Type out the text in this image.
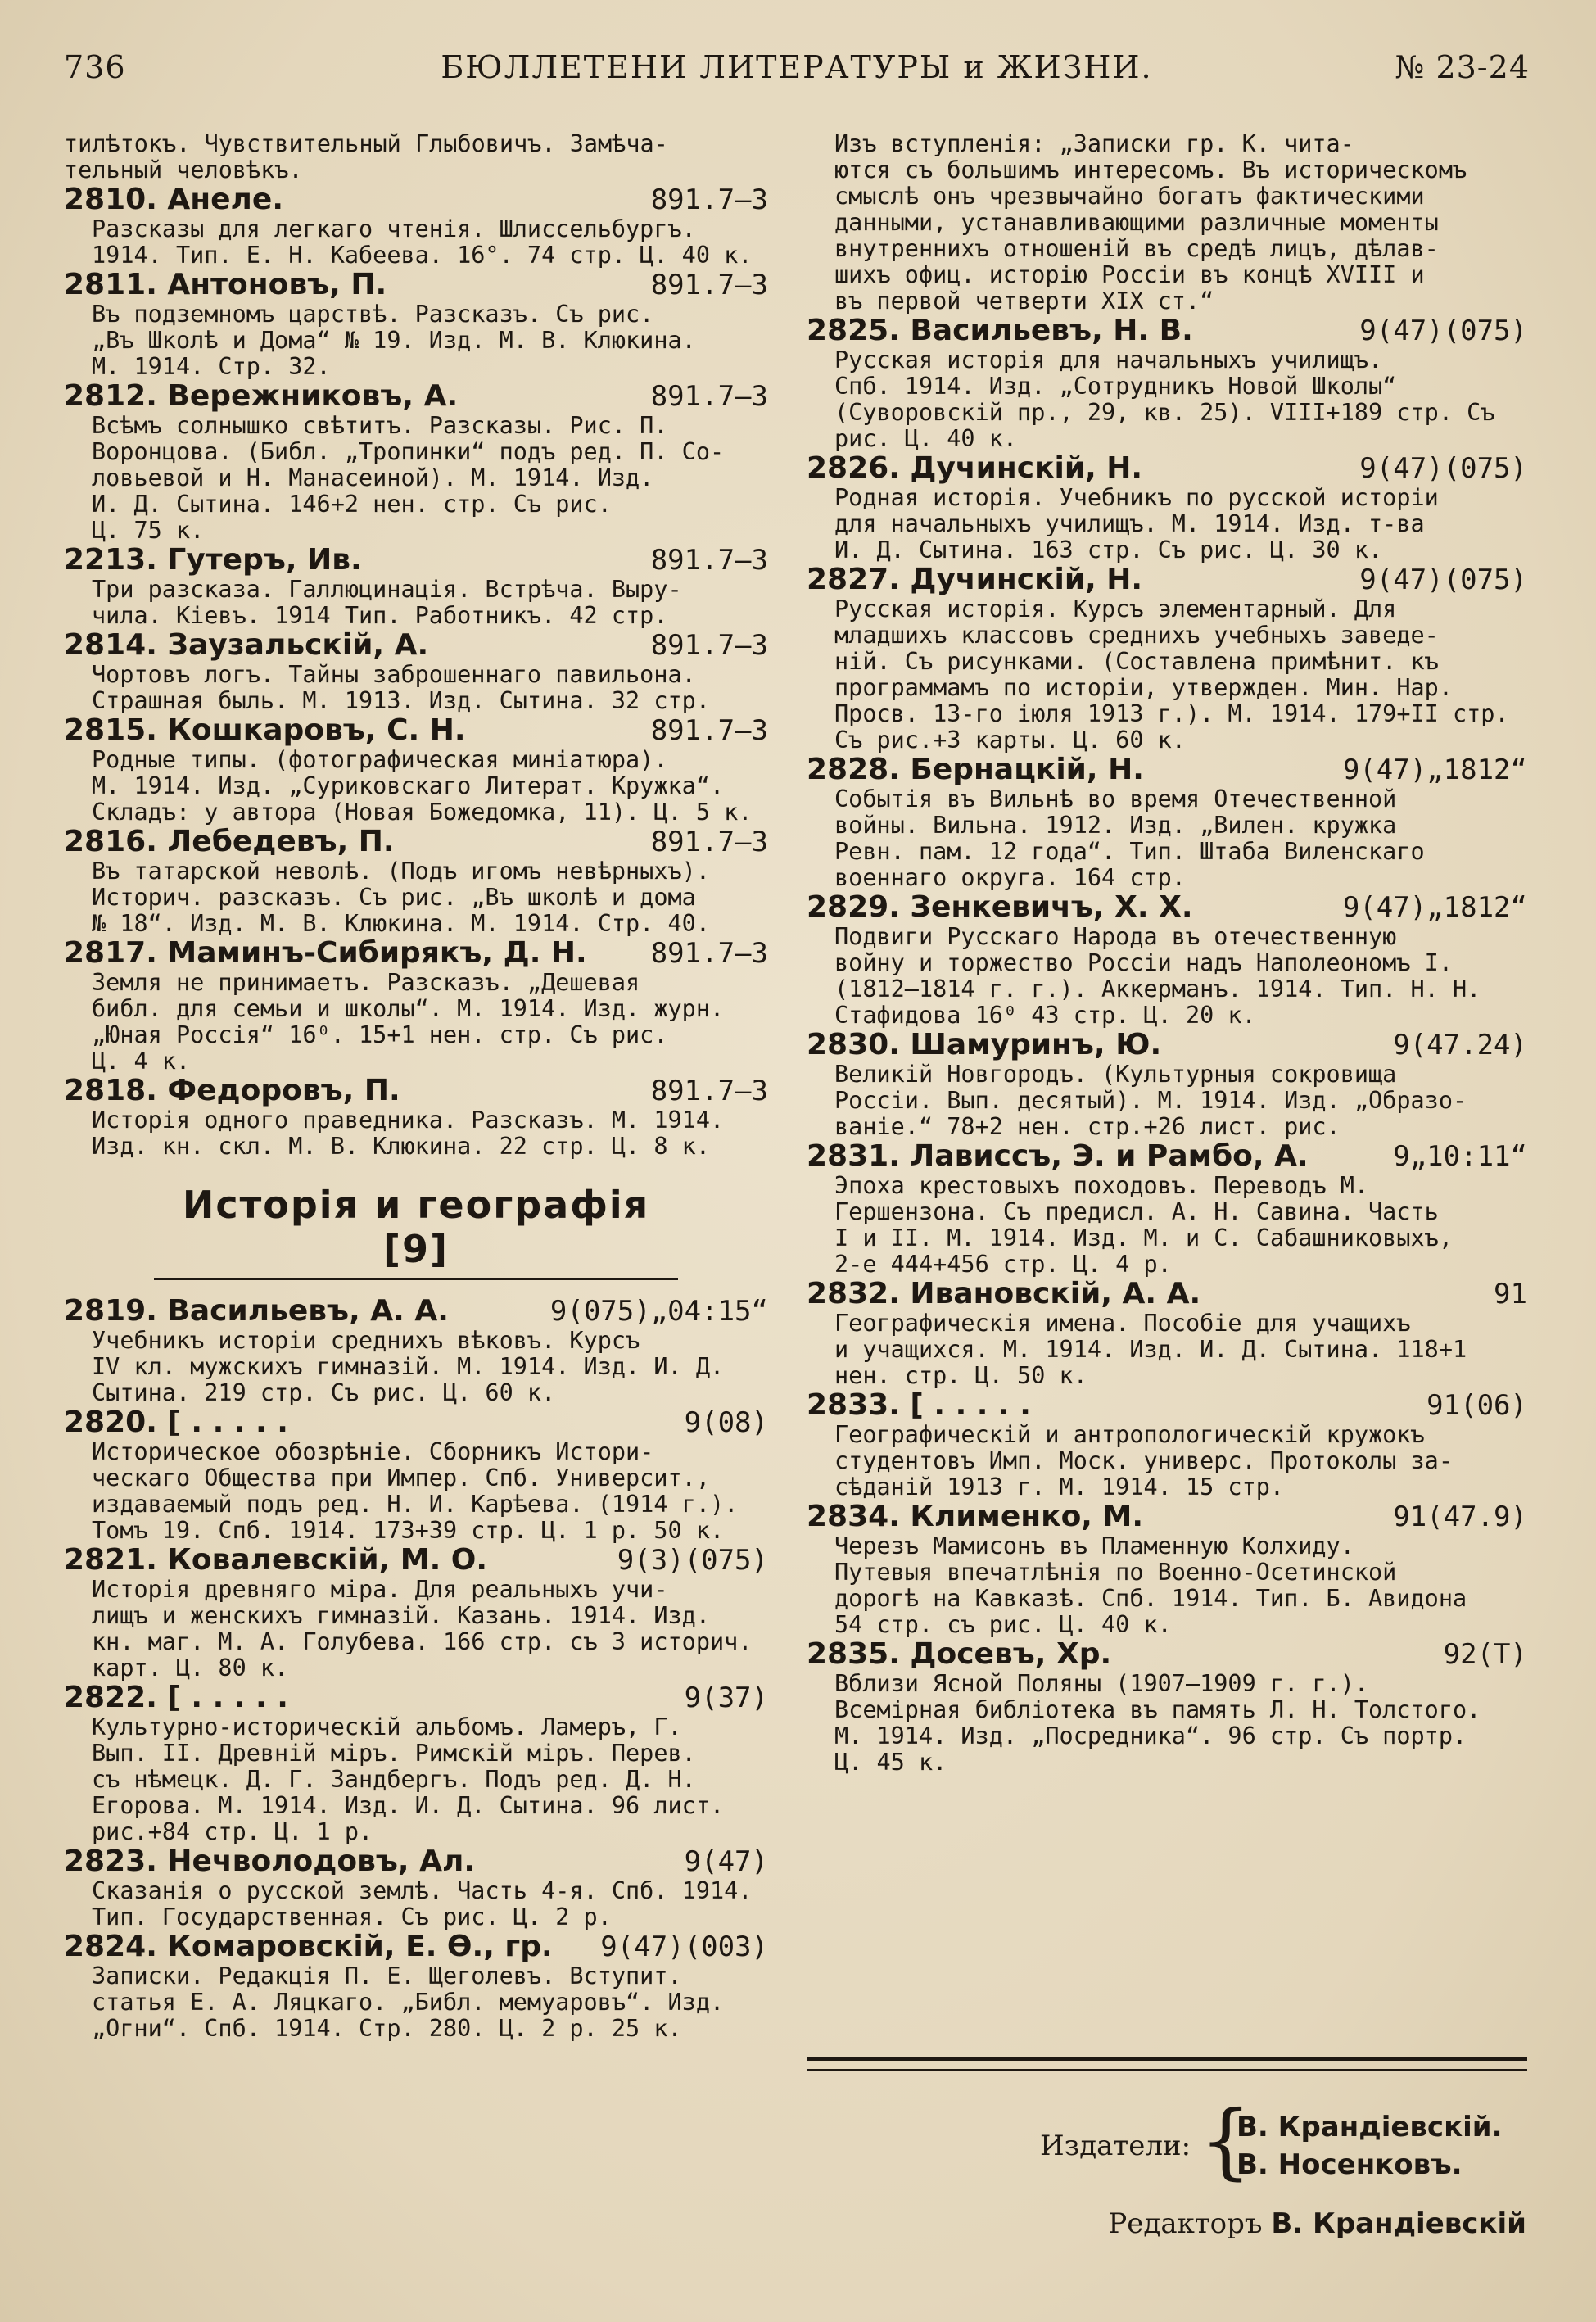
736	БЮЛЛЕТЕНИ ЛИТЕРАТУРЫ и ЖИЗНИ.	№ 23-24
тилѣтокъ. Чувствительный Глыбовичъ. Замѣча-
тельный человѣкъ.
2810. Анеле.	891.7—3
Разсказы для легкаго чтенія. Шлиссельбургъ.
1914. Тип. Е. Н. Кабеева. 16°. 74 стр. Ц. 40 к.
2811. Антоновъ, П.	891.7—3
Въ подземномъ царствѣ. Разсказъ. Съ рис.
„Въ Школѣ и Дома“ № 19. Изд. М. В. Клюкина.
М. 1914. Стр. 32.
2812. Вережниковъ, А.	891.7—3
Всѣмъ солнышко свѣтитъ. Разсказы. Рис. П.
Воронцова. (Библ. „Тропинки“ подъ ред. П. Со-
ловьевой и Н. Манасеиной). М. 1914. Изд.
И. Д. Сытина. 146+2 нен. стр. Съ рис.
Ц. 75 к.
2213. Гутеръ, Ив.	891.7—3
Три разсказа. Галлюцинація. Встрѣча. Выру-
чила. Кіевъ. 1914 Тип. Работникъ. 42 стр.
2814. Заузальскій, А.	891.7—3
Чортовъ логъ. Тайны заброшеннаго павильона.
Страшная быль. М. 1913. Изд. Сытина. 32 стр.
2815. Кошкаровъ, С. Н.	891.7—3
Родные типы. (фотографическая миніатюра).
М. 1914. Изд. „Суриковскаго Литерат. Кружка“.
Складъ: у автора (Новая Божедомка, 11). Ц. 5 к.
2816. Лебедевъ, П.	891.7—3
Въ татарской неволѣ. (Подъ игомъ невѣрныхъ).
Историч. разсказъ. Съ рис. „Въ школѣ и дома
№ 18“. Изд. М. В. Клюкина. М. 1914. Стр. 40.
2817. Маминъ-Сибирякъ, Д. Н. 891.7—3
Земля не принимаетъ. Разсказъ. „Дешевая
библ. для семьи и школы“. М. 1914. Изд. журн.
„Юная Россія“ 16⁰. 15+1 нен. стр. Съ рис.
Ц. 4 к.
2818. Федоровъ, П.	891.7—3
Исторія одного праведника. Разсказъ. М. 1914.
Изд. кн. скл. М. В. Клюкина. 22 стр. Ц. 8 к.
Исторія и географія [9]
2819. Васильевъ, А. А.	9(075)„04:15“
Учебникъ исторіи среднихъ вѣковъ. Курсъ
IV кл. мужскихъ гимназій. М. 1914. Изд. И. Д.
Сытина. 219 стр. Съ рис. Ц. 60 к.
2820. [ . . . . .	9(08)
Историческое обозрѣніе. Сборникъ Истори-
ческаго Общества при Импер. Спб. Университ.,
издаваемый подъ ред. Н. И. Карѣева. (1914 г.).
Томъ 19. Спб. 1914. 173+39 стр. Ц. 1 р. 50 к.
2821. Ковалевскій, М. О.	9(3)(075)
Исторія древняго міра. Для реальныхъ учи-
лищъ и женскихъ гимназій. Казань. 1914. Изд.
кн. маг. М. А. Голубева. 166 стр. съ 3 историч.
карт. Ц. 80 к.
2822. [ . . . . .	9(37)
Культурно-историческій альбомъ. Ламеръ, Г.
Вып. II. Древній міръ. Римскій міръ. Перев.
съ нѣмецк. Д. Г. Зандбергъ. Подъ ред. Д. Н.
Егорова. М. 1914. Изд. И. Д. Сытина. 96 лист.
рис.+84 стр. Ц. 1 р.
2823. Нечволодовъ, Ал.	9(47)
Сказанія о русской землѣ. Часть 4-я. Спб. 1914.
Тип. Государственная. Съ рис. Ц. 2 р.
2824. Комаровскій, Е. Ѳ., гр. 9(47)(003)
Записки. Редакція П. Е. Щеголевъ. Вступит.
статья Е. А. Ляцкаго. „Библ. мемуаровъ“. Изд.
„Огни“. Спб. 1914. Стр. 280. Ц. 2 р. 25 к.
Изъ вступленія: „Записки гр. К. чита-
ются съ большимъ интересомъ. Въ историческомъ
смыслѣ онъ чрезвычайно богатъ фактическими
данными, устанавливающими различные моменты
внутреннихъ отношеній въ средѣ лицъ, дѣлав-
шихъ офиц. исторію Россіи въ концѣ XVIII и
въ первой четверти XIX ст.“
2825. Васильевъ, Н. В.	9(47)(075)
Русская исторія для начальныхъ училищъ.
Спб. 1914. Изд. „Сотрудникъ Новой Школы“
(Суворовскій пр., 29, кв. 25). VIII+189 стр. Съ
рис. Ц. 40 к.
2826. Дучинскій, Н.	9(47)(075)
Родная исторія. Учебникъ по русской исторіи
для начальныхъ училищъ. М. 1914. Изд. т-ва
И. Д. Сытина. 163 стр. Съ рис. Ц. 30 к.
2827. Дучинскій, Н.	9(47)(075)
Русская исторія. Курсъ элементарный. Для
младшихъ классовъ среднихъ учебныхъ заведе-
ній. Съ рисунками. (Составлена примѣнит. къ
программамъ по исторіи, утвержден. Мин. Нар.
Просв. 13-го іюля 1913 г.). М. 1914. 179+II стр.
Съ рис.+3 карты. Ц. 60 к.
2828. Бернацкій, Н.	9(47)„1812“
Событія въ Вильнѣ во время Отечественной
войны. Вильна. 1912. Изд. „Вилен. кружка
Ревн. пам. 12 года“. Тип. Штаба Виленскаго
военнаго округа. 164 стр.
2829. Зенкевичъ, Х. Х.	9(47)„1812“
Подвиги Русскаго Народа въ отечественную
войну и торжество Россіи надъ Наполеономъ I.
(1812—1814 г. г.). Аккерманъ. 1914. Тип. Н. Н.
Стафидова 16⁰ 43 стр. Ц. 20 к.
2830. Шамуринъ, Ю.	9(47.24)
Великій Новгородъ. (Культурныя сокровища
Россіи. Вып. десятый). М. 1914. Изд. „Образо-
ваніе.“ 78+2 нен. стр.+26 лист. рис.
2831. Лависсъ, Э. и Рамбо, А.	9„10:11“
Эпоха крестовыхъ походовъ. Переводъ М.
Гершензона. Съ предисл. А. Н. Савина. Часть
I и II. М. 1914. Изд. М. и С. Сабашниковыхъ,
2-е 444+456 стр. Ц. 4 р.
2832. Ивановскій, А. А.	91
Географическія имена. Пособіе для учащихъ
и учащихся. М. 1914. Изд. И. Д. Сытина. 118+1
нен. стр. Ц. 50 к.
2833. [ . . . . .	91(06)
Географическій и антропологическій кружокъ
студентовъ Имп. Моск. универс. Протоколы за-
сѣданій 1913 г. М. 1914. 15 стр.
2834. Клименко, М.	91(47.9)
Черезъ Мамисонъ въ Пламенную Колхиду.
Путевыя впечатлѣнія по Военно-Осетинской
дорогѣ на Кавказѣ. Спб. 1914. Тип. Б. Авидона
54 стр. съ рис. Ц. 40 к.
2835. Досевъ, Хр.	92(Т)
Вблизи Ясной Поляны (1907—1909 г. г.).
Всемірная библіотека въ память Л. Н. Толстого.
М. 1914. Изд. „Посредника“. 96 стр. Съ портр.
Ц. 45 к.
Издатели: {
В. Крандіевскій.
В. Носенковъ.
Редакторъ В. Крандіевскій
